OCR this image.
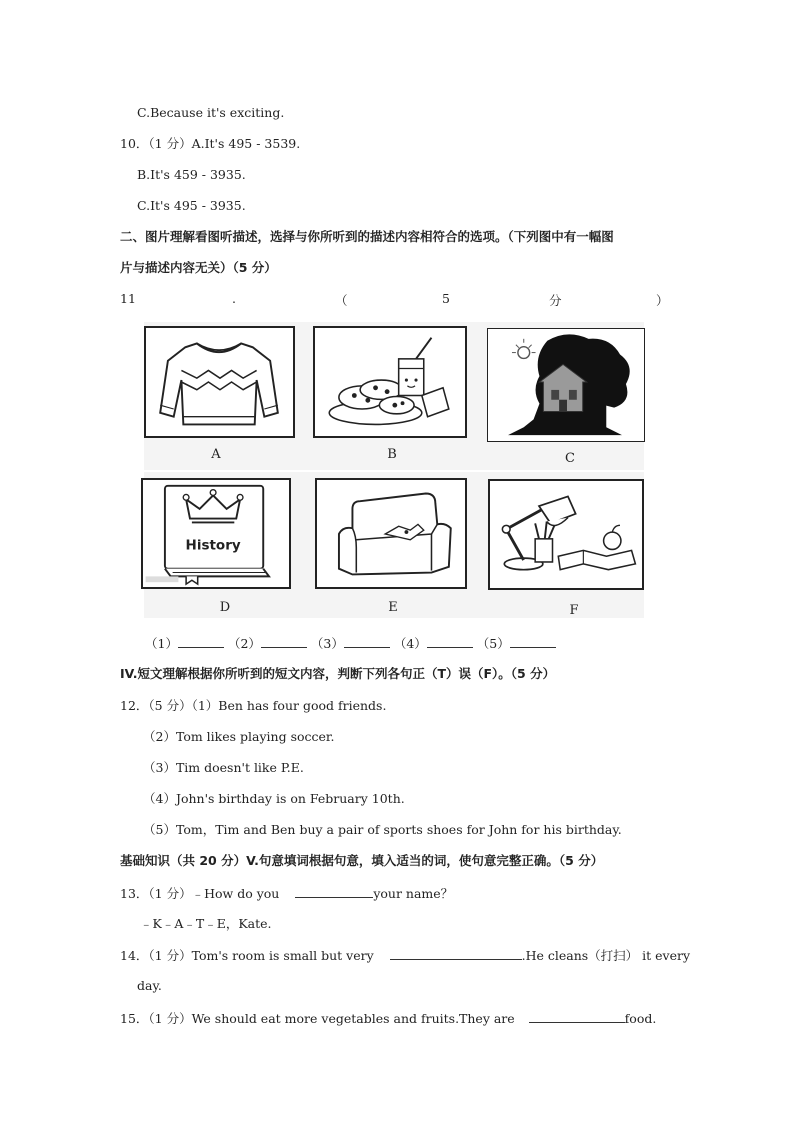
C.Because it's exciting.
10．（1 分）A.It's 495 - 3539.
B.It's 459 - 3935.
C.It's 495 - 3935.
二、图片理解看图听描述，选择与你所听到的描述内容相符合的选项。（下列图中有一幅图
片与描述内容无关）（5 分）
11	.	（	5	分	）
A	B	C
History
D	E	F
（1）	（2）	（3）	（4）	（5）
IV.短文理解根据你所听到的短文内容，判断下列各句正（T）误（F）。（5 分）
12．（5 分）（1）Ben has four good friends.
（2）Tom likes playing soccer.
（3）Tim doesn't like P.E.
（4）John's birthday is on February 10th.
（5）Tom，Tim and Ben buy a pair of sports shoes for John for his birthday.
基础知识（共 20 分）V.句意填词根据句意，填入适当的词，使句意完整正确。（5 分）
13．（1 分）﹣How do you	your name？
﹣K﹣A﹣T﹣E，Kate.
14．（1 分）Tom's room is small but very	.He cleans（打扫） it every
day.
15．（1 分）We should eat more vegetables and fruits.They are	food.
